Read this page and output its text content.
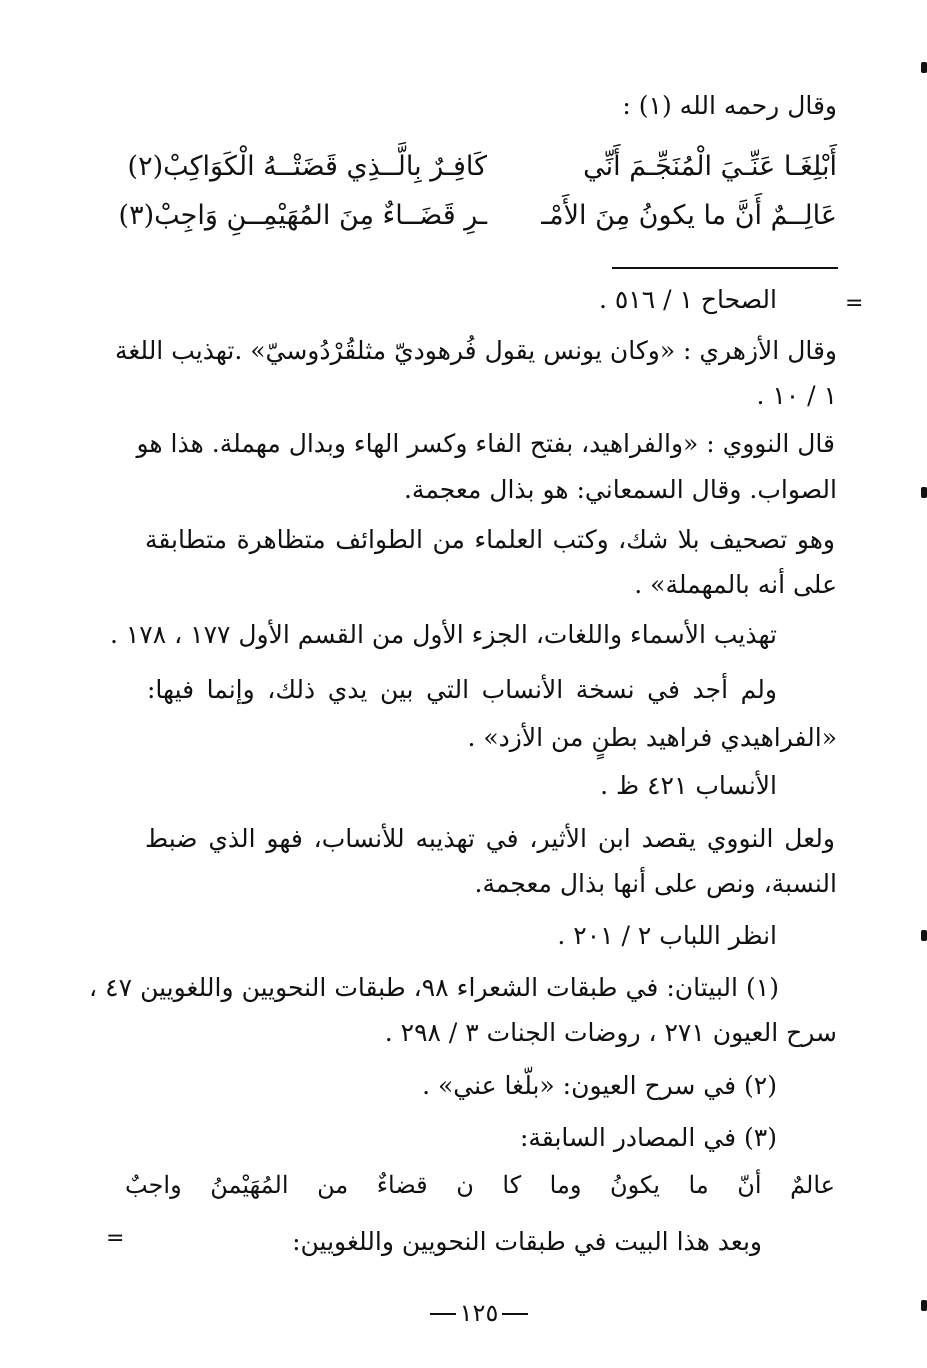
وقال رحمه الله (١) :
أَبْلِغَـا عَنِّـيَ الْمُنَجِّـمَ أَنِّي
كَافِـرٌ بِالَّــذِي قَضَتْــهُ الْكَوَاكِبْ(٢)
عَالِــمٌ أَنَّ ما يكونُ مِنَ الأَمْـ
ـرِ قَضَــاءٌ مِنَ المُهَيْمِــنِ وَاجِبْ(٣)
=
الصحاح ١ / ٥١٦ .
وقال الأزهري : «وكان يونس يقول فُرهوديّ مثلقُرْدُوسيّ» .تهذيب اللغة
١ / ١٠ .
قال النووي : «والفراهيد، بفتح الفاء وكسر الهاء وبدال مهملة. هذا هو
الصواب. وقال السمعاني: هو بذال معجمة.
وهو تصحيف بلا شك، وكتب العلماء من الطوائف متظاهرة متطابقة
على أنه بالمهملة» .
تهذيب الأسماء واللغات، الجزء الأول من القسم الأول ١٧٧ ، ١٧٨ .
ولم أجد في نسخة الأنساب التي بين يدي ذلك، وإنما فيها:
«الفراهيدي فراهيد بطنٍ من الأزد» .
الأنساب ٤٢١ ظ .
ولعل النووي يقصد ابن الأثير، في تهذيبه للأنساب، فهو الذي ضبط
النسبة، ونص على أنها بذال معجمة.
انظر اللباب ٢ / ٢٠١ .
(١) البيتان: في طبقات الشعراء ٩٨، طبقات النحويين واللغويين ٤٧ ،
سرح العيون ٢٧١ ، روضات الجنات ٣ / ٢٩٨ .
(٢) في سرح العيون: «بلّغا عني» .
(٣) في المصادر السابقة:
عالمٌ أنّ ما يكونُ وما كا ن قضاءٌ من المُهَيْمنُ واجبٌ
وبعد هذا البيت في طبقات النحويين واللغويين:
=
١٢٥
